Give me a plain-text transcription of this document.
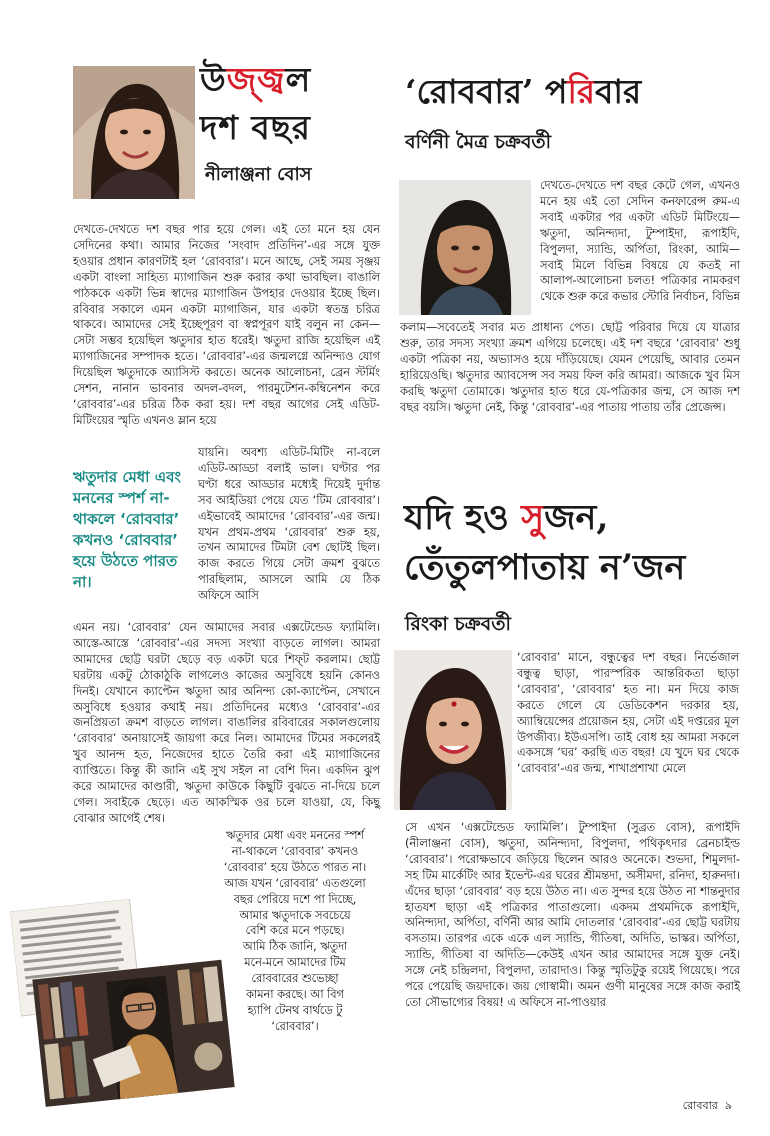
উজ্জ্বল
দশ বছর
নীলাঞ্জনা বোস

দেখতে-দেখতে দশ বছর পার হয়ে গেল। এই তো মনে হয় যেন সেদিনের কথা। আমার নিজের ‘সংবাদ প্রতিদিন’-এর সঙ্গে যুক্ত হওয়ার প্রধান কারণটাই হল ‘রোববার’। মনে আছে, সেই সময় সৃঞ্জয় একটা বাংলা সাহিত্য ম্যাগাজিন শুরু করার কথা ভাবছিল। বাঙালি পাঠককে একটা ভিন্ন স্বাদের ম্যাগাজিন উপহার দেওয়ার ইচ্ছে ছিল। রবিবার সকালে এমন একটা ম্যাগাজিন, যার একটা স্বতন্ত্র চরিত্র থাকবে। আমাদের সেই ইচ্ছেপূরণ বা স্বপ্নপূরণ যাই বলুন না কেন—সেটা সম্ভব হয়েছিল ঋতুদার হাত ধরেই। ঋতুদা রাজি হয়েছিল এই ম্যাগাজিনের সম্পাদক হতে। ‘রোববার’-এর জন্মলগ্নে অনিন্দ্যও যোগ দিয়েছিল ঋতুদাকে অ্যাসিস্ট করতে। অনেক আলোচনা, ব্রেন স্টর্মিং সেশন, নানান ভাবনার অদল-বদল, পারমুটেশন-কম্বিনেশন করে ‘রোববার’-এর চরিত্র ঠিক করা হয়। দশ বছর আগের সেই এডিট-মিটিংয়ের স্মৃতি এখনও ম্লান হয়ে

ঋতুদার মেধা এবং মননের স্পর্শ না-থাকলে ‘রোববার’ কখনও ‘রোববার’ হয়ে উঠতে পারত না।

যায়নি। অবশ্য এডিট-মিটিং না-বলে এডিট-আড্ডা বলাই ভাল। ঘণ্টার পর ঘণ্টা ধরে আড্ডার মধ্যেই দিয়েই দুর্দান্ত সব আইডিয়া পেয়ে যেত ‘টিম রোববার’। এইভাবেই আমাদের ‘রোববার’-এর জন্ম। যখন প্রথম-প্রথম ‘রোববার’ শুরু হয়, তখন আমাদের টিমটা বেশ ছোটই ছিল। কাজ করতে গিয়ে সেটা ক্রমশ বুঝতে পারছিলাম, আসলে আমি যে ঠিক অফিসে আসি

এমন নয়। ‘রোববার’ যেন আমাদের সবার এক্সটেন্ডেড ফ্যামিলি। আস্তে-আস্তে ‘রোববার’-এর সদস্য সংখ্যা বাড়তে লাগল। আমরা আমাদের ছোট্ট ঘরটা ছেড়ে বড় একটা ঘরে শিফ্‌ট করলাম। ছোট্ট ঘরটায় একটু ঠোকাঠুকি লাগলেও কাজের অসুবিধে হয়নি কোনও দিনই। যেখানে ক্যাপ্টেন ঋতুদা আর অনিন্দ্য কো-ক্যাপ্টেন, সেখানে অসুবিধে হওয়ার কথাই নয়। প্রতিদিনের মধ্যেও ‘রোববার’-এর জনপ্রিয়তা ক্রমশ বাড়তে লাগল। বাঙালির রবিবারের সকালগুলোয় ‘রোববার’ অনায়াসেই জায়গা করে নিল। আমাদের টিমের সকলেরই খুব আনন্দ হত, নিজেদের হাতে তৈরি করা এই ম্যাগাজিনের ব্যাপ্তিতে। কিন্তু কী জানি এই সুখ সইল না বেশি দিন। একদিন ঝুপ করে আমাদের কাণ্ডারী, ঋতুদা কাউকে কিছুটি বুঝতে না-দিয়ে চলে গেল। সবাইকে ছেড়ে। এত আকস্মিক ওর চলে যাওয়া, যে, কিছু বোঝার আগেই শেষ।

ঋতুদার মেধা এবং মননের স্পর্শ
না-থাকলে ‘রোববার’ কখনও
‘রোববার’ হয়ে উঠতে পারত না।
আজ যখন ‘রোববার’ এতগুলো
বছর পেরিয়ে দশে পা দিচ্ছে,
আমার ঋতুদাকে সবচেয়ে
বেশি করে মনে পড়ছে।
আমি ঠিক জানি, ঋতুদা
মনে-মনে আমাদের টিম
রোববারের শুভেচ্ছা
কামনা করছে। আ বিগ
হ্যাপি টেনথ বার্থডে টু
‘রোববার’।
‘রোববার’ পরিবার
বর্ণিনী মৈত্র চক্রবর্তী

দেখতে-দেখতে দশ বছর কেটে গেল, এখনও মনে হয় এই তো সেদিন কনফারেন্স রুম-এ সবাই একটার পর একটা এডিট মিটিংয়ে—ঋতুদা, অনিন্দ্যদা, টুম্পাইদা, রূপাইদি, বিপুলদা, স্যান্ডি, অর্পিতা, রিংকা, আমি—সবাই মিলে বিভিন্ন বিষয়ে যে কতই না আলাপ-আলোচনা চলত! পত্রিকার নামকরণ থেকে শুরু করে কভার স্টোরি নির্বাচন, বিভিন্ন

কলাম—সবেতেই সবার মত প্রাধান্য পেত। ছোট্ট পরিবার দিয়ে যে যাত্রার শুরু, তার সদস্য সংখ্যা ক্রমশ এগিয়ে চলেছে। এই দশ বছরে ‘রোববার’ শুধু একটা পত্রিকা নয়, অভ্যাসও হয়ে দাঁড়িয়েছে। যেমন পেয়েছি, আবার তেমন হারিয়েওছি। ঋতুদার অ্যাবসেন্স সব সময় ফিল করি আমরা। আজকে খুব মিস করছি ঋতুদা তোমাকে। ঋতুদার হাত ধরে যে-পত্রিকার জন্ম, সে আজ দশ বছর বয়সি। ঋতুদা নেই, কিন্তু ‘রোববার’-এর পাতায় পাতায় তাঁর প্রেজেন্স।

যদি হও সুজন,
তেঁতুলপাতায় ন’জন
রিংকা চক্রবর্তী

‘রোববার’ মানে, বন্ধুত্বের দশ বছর। নির্ভেজাল বন্ধুত্ব ছাড়া, পারস্পরিক আন্তরিকতা ছাড়া ‘রোববার’, ‘রোববার’ হত না। মন দিয়ে কাজ করতে গেলে যে ডেডিকেশন দরকার হয়, অ্যাম্বিয়েন্সের প্রয়োজন হয়, সেটা এই দপ্তরের মূল উপজীব্য। ইউএসপি। তাই বোধ হয় আমরা সকলে একসঙ্গে ‘ঘর’ করছি এত বছর! যে খুদে ঘর থেকে ‘রোববার’-এর জন্ম, শাখাপ্রশাখা মেলে

সে এখন ‘এক্সটেন্ডেড ফ্যামিলি’। টুম্পাইদা (সুব্রত বোস), রূপাইদি (নীলাঞ্জনা বোস), ঋতুদা, অনিন্দ্যদা, বিপুলদা, পথিকৃৎদার ব্রেনচাইল্ড ‘রোববার’। পরোক্ষভাবে জড়িয়ে ছিলেন আরও অনেকে। শুভদা, শিমুলদা-সহ টিম মার্কেটিং আর ইভেন্ট-এর ঘরের শ্রীমন্তদা, অসীমদা, রনিদা, হারুনদা। এঁদের ছাড়া ‘রোববার’ বড় হয়ে উঠত না। এত সুন্দর হয়ে উঠত না শান্তনুদার হাতযশ ছাড়া এই পত্রিকার পাতাগুলো। একদম প্রথমদিকে রূপাইদি, অনিন্দ্যদা, অর্পিতা, বর্ণিনী আর আমি দোতলার ‘রোববার’-এর ছোট্ট ঘরটায় বসতাম। তারপর একে একে এল স্যান্ডি, গীতিষা, অদিতি, ভাস্কর। অর্পিতা, স্যান্ডি, গীতিষা বা অদিতি—কেউই এখন আর আমাদের সঙ্গে যুক্ত নেই। সঙ্গে নেই চন্দ্রিলদা, বিপুলদা, তারাদাও। কিন্তু স্মৃতিটুকু রয়েই গিয়েছে। পরে পরে পেয়েছি জয়দাকে। জয় গোস্বামী। অমন গুণী মানুষের সঙ্গে কাজ করাই তো সৌভাগ্যের বিষয়! এ অফিসে না-পাওয়ার

রোববার ৯
